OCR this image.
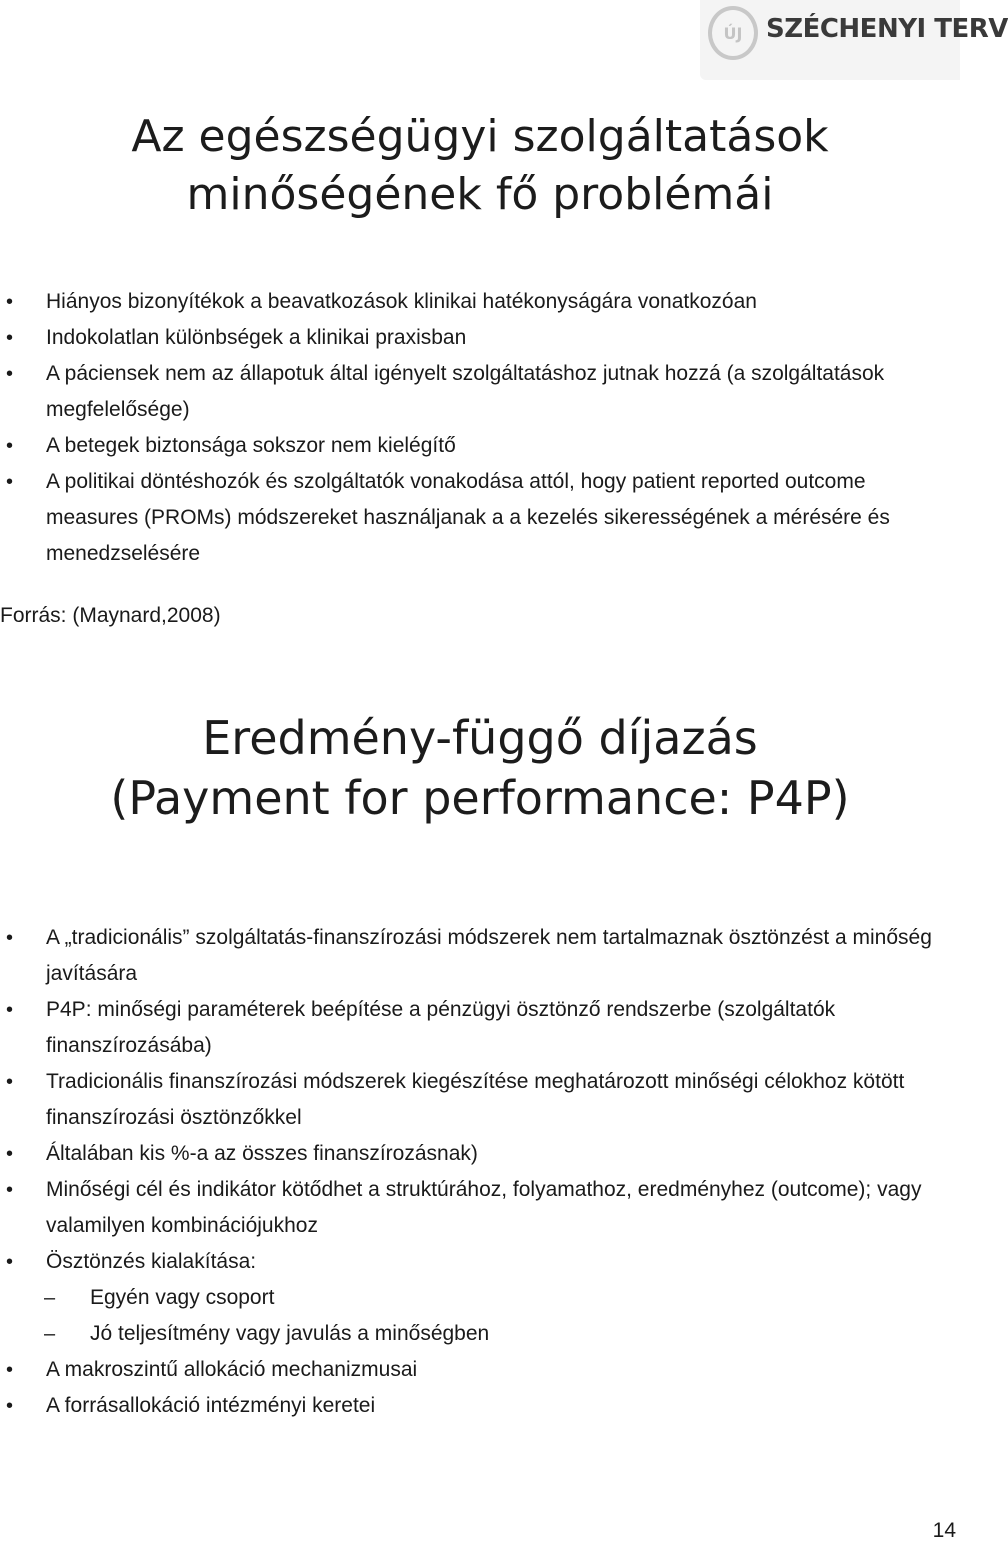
ÚJ SZÉCHENYI TERV
Az egészségügyi szolgáltatások
minőségének fő problémái
• Hiányos bizonyítékok a beavatkozások klinikai hatékonyságára vonatkozóan
• Indokolatlan különbségek a klinikai praxisban
• A páciensek nem az állapotuk által igényelt szolgáltatáshoz jutnak hozzá (a szolgáltatások megfelelősége)
• A betegek biztonsága sokszor nem kielégítő
• A politikai döntéshozók és szolgáltatók vonakodása attól, hogy patient reported outcome measures (PROMs) módszereket használjanak a a kezelés sikerességének a mérésére és menedzselésére
Forrás: (Maynard,2008)
Eredmény-függő díjazás
(Payment for performance: P4P)
• A „tradicionális” szolgáltatás-finanszírozási módszerek nem tartalmaznak ösztönzést a minőség javítására
• P4P: minőségi paraméterek beépítése a pénzügyi ösztönző rendszerbe (szolgáltatók finanszírozásába)
• Tradicionális finanszírozási módszerek kiegészítése meghatározott minőségi célokhoz kötött finanszírozási ösztönzőkkel
• Általában kis %-a az összes finanszírozásnak)
• Minőségi cél és indikátor kötődhet a struktúrához, folyamathoz, eredményhez (outcome); vagy valamilyen kombinációjukhoz
• Ösztönzés kialakítása:
– Egyén vagy csoport
– Jó teljesítmény vagy javulás a minőségben
• A makroszintű allokáció mechanizmusai
• A forrásallokáció intézményi keretei
14
